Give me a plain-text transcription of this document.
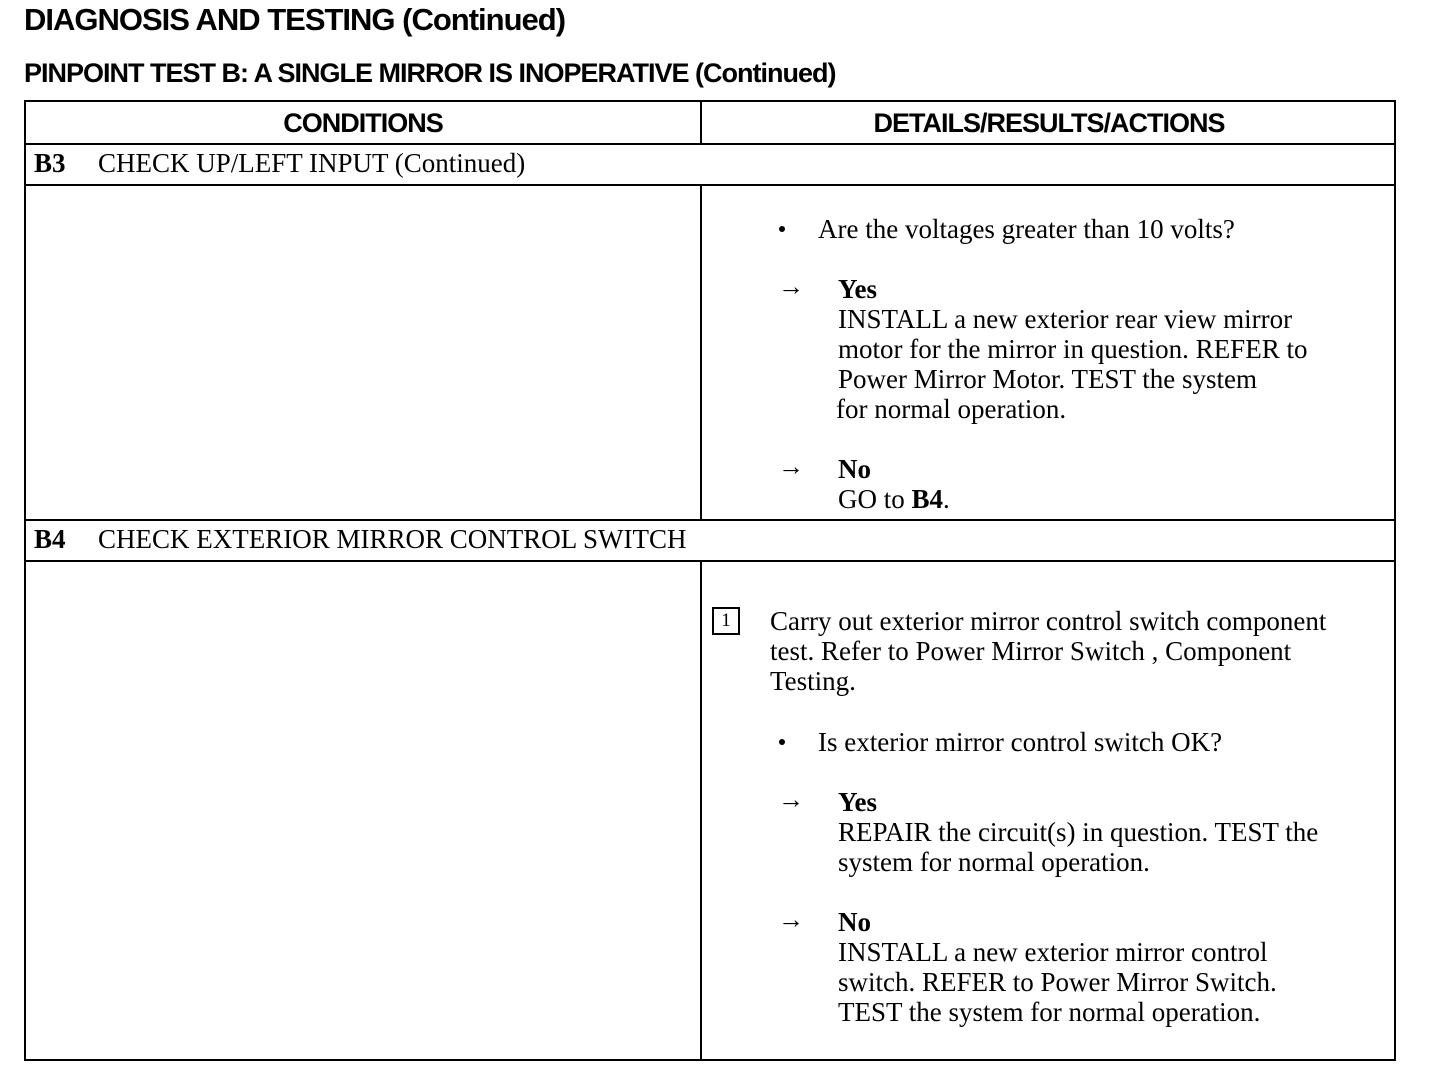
DIAGNOSIS AND TESTING (Continued)
PINPOINT TEST B: A SINGLE MIRROR IS INOPERATIVE (Continued)
CONDITIONS	DETAILS/RESULTS/ACTIONS
B3 CHECK UP/LEFT INPUT (Continued)
Are the voltages greater than 10 volts?
→ Yes
INSTALL a new exterior rear view mirror
motor for the mirror in question. REFER to
Power Mirror Motor. TEST the system
for normal operation.
→ No
GO to B4.
B4 CHECK EXTERIOR MIRROR CONTROL SWITCH
1	Carry out exterior mirror control switch component
test. Refer to Power Mirror Switch , Component
Testing.
Is exterior mirror control switch OK?
→ Yes
REPAIR the circuit(s) in question. TEST the
system for normal operation.
→ No
INSTALL a new exterior mirror control
switch. REFER to Power Mirror Switch.
TEST the system for normal operation.
